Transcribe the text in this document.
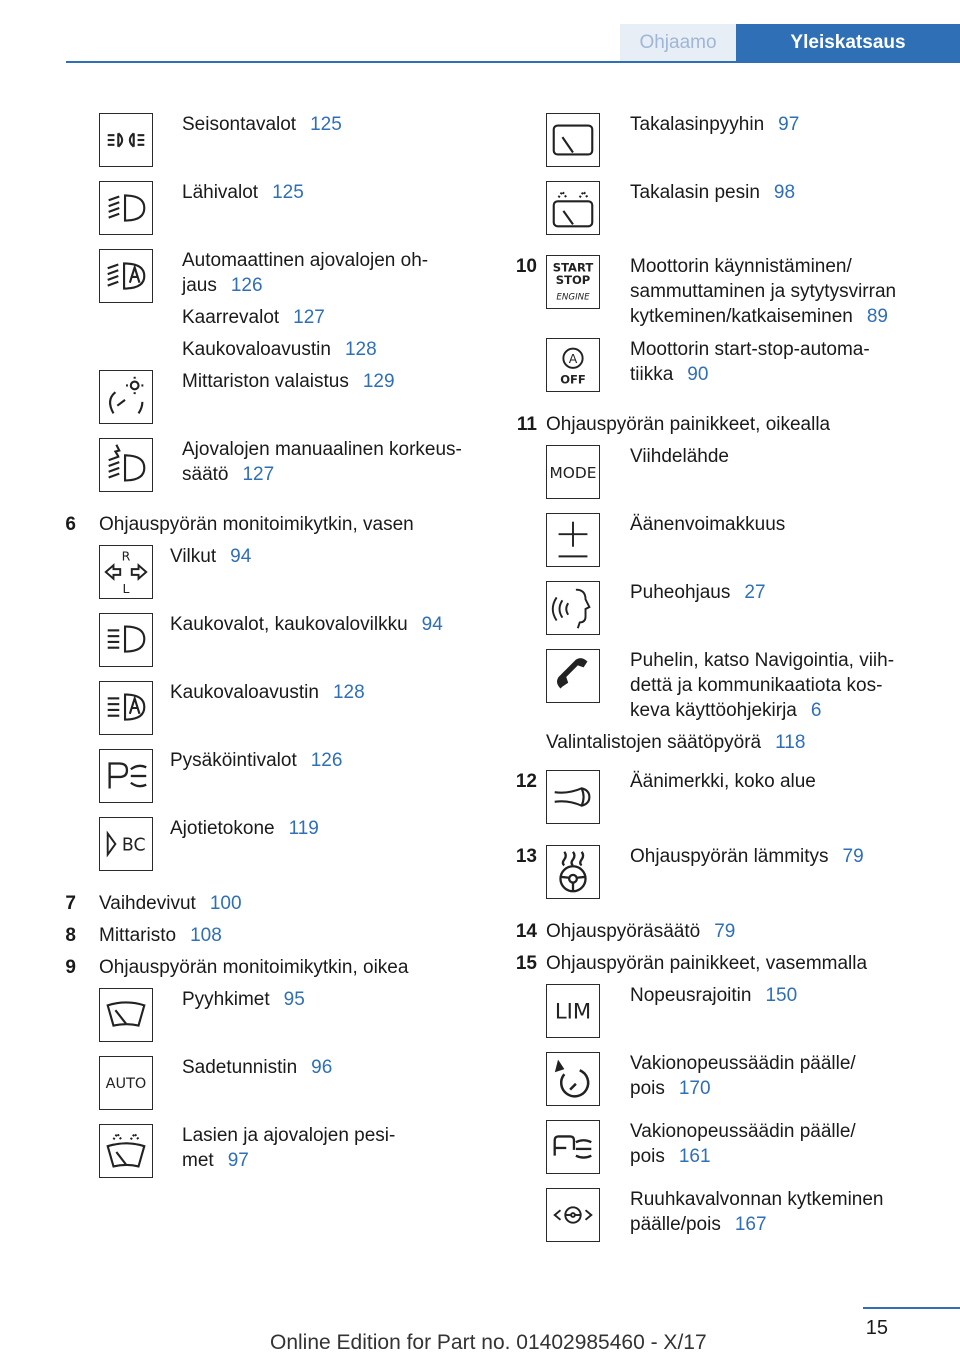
Ohjaamo	Yleiskatsaus
Seisontavalot 125
Lähivalot 125
Automaattinen ajovalojen oh-
jaus 126
Kaarrevalot 127
Kaukovaloavustin 128
Mittariston valaistus 129
Ajovalojen manuaalinen korkeus-
säätö 127
6 Ohjauspyörän monitoimikytkin, vasen
R
L
Vilkut 94
Kaukovalot, kaukovalovilkku 94
Kaukovaloavustin 128
Pysäköintivalot 126
BC
Ajotietokone 119
7 Vaihdevivut 100
8 Mittaristo 108
9 Ohjauspyörän monitoimikytkin, oikea
Pyyhkimet 95
AUTO
Sadetunnistin 96
Lasien ja ajovalojen pesi-
met 97
Takalasinpyyhin 97
Takalasin pesin 98
10 START
STOP
ENGINE
Moottorin käynnistäminen/
sammuttaminen ja sytytysvirran
kytkeminen/katkaiseminen 89
A
OFF
Moottorin start-stop-automa-
tiikka 90
11 Ohjauspyörän painikkeet, oikealla
MODE
Viihdelähde
Äänenvoimakkuus
Puheohjaus 27
Puhelin, katso Navigointia, viih-
dettä ja kommunikaatiota kos-
keva käyttöohjekirja 6
Valintalistojen säätöpyörä 118
12	Äänimerkki, koko alue
13	Ohjauspyörän lämmitys 79
14 Ohjauspyöräsäätö 79
15 Ohjauspyörän painikkeet, vasemmalla
LIM
Nopeusrajoitin 150
Vakionopeussäädin päälle/
pois 170
Vakionopeussäädin päälle/
pois 161
Ruuhkavalvonnan kytkeminen
päälle/pois 167
15
Online Edition for Part no. 01402985460 - X/17
